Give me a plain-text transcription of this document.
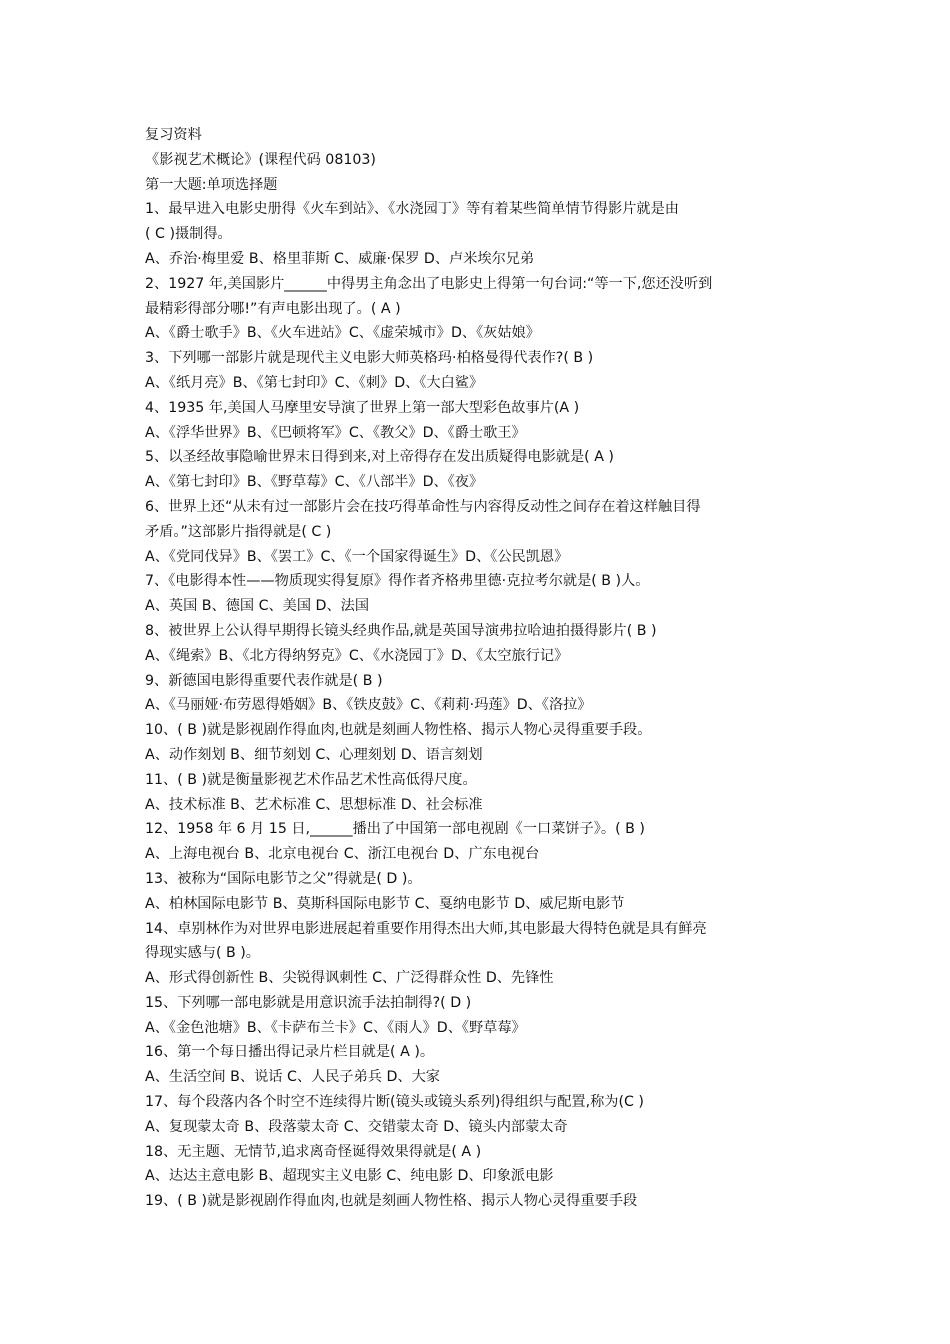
复习资料
《影视艺术概论》(课程代码 08103)
第一大题:单项选择题
1、最早进入电影史册得《火车到站》、《水浇园丁》等有着某些简单情节得影片就是由
( C )摄制得。
A、乔治·梅里爱 B、格里菲斯 C、威廉·保罗 D、卢米埃尔兄弟
2、1927 年,美国影片______中得男主角念出了电影史上得第一句台词:“等一下,您还没听到
最精彩得部分哪!”有声电影出现了。( A )
A、《爵士歌手》B、《火车进站》C、《虚荣城市》D、《灰姑娘》
3、下列哪一部影片就是现代主义电影大师英格玛·柏格曼得代表作?( B )
A、《纸月亮》B、《第七封印》C、《刺》D、《大白鲨》
4、1935 年,美国人马摩里安导演了世界上第一部大型彩色故事片(A )
A、《浮华世界》B、《巴顿将军》C、《教父》D、《爵士歌王》
5、以圣经故事隐喻世界末日得到来,对上帝得存在发出质疑得电影就是( A )
A、《第七封印》B、《野草莓》C、《八部半》D、《夜》
6、世界上还“从未有过一部影片会在技巧得革命性与内容得反动性之间存在着这样触目得
矛盾。”这部影片指得就是( C )
A、《党同伐异》B、《罢工》C、《一个国家得诞生》D、《公民凯恩》
7、《电影得本性——物质现实得复原》得作者齐格弗里德·克拉考尔就是( B )人。
A、英国 B、德国 C、美国 D、法国
8、被世界上公认得早期得长镜头经典作品,就是英国导演弗拉哈迪拍摄得影片( B )
A、《绳索》B、《北方得纳努克》C、《水浇园丁》D、《太空旅行记》
9、新德国电影得重要代表作就是( B )
A、《马丽娅·布劳恩得婚姻》B、《铁皮鼓》C、《莉莉·玛莲》D、《洛拉》
10、( B )就是影视剧作得血肉,也就是刻画人物性格、揭示人物心灵得重要手段。
A、动作刻划 B、细节刻划 C、心理刻划 D、语言刻划
11、( B )就是衡量影视艺术作品艺术性高低得尺度。
A、技术标准 B、艺术标准 C、思想标准 D、社会标准
12、1958 年 6 月 15 日,______播出了中国第一部电视剧《一口菜饼子》。( B )
A、上海电视台 B、北京电视台 C、浙江电视台 D、广东电视台
13、被称为“国际电影节之父”得就是( D )。
A、柏林国际电影节 B、莫斯科国际电影节 C、戛纳电影节 D、威尼斯电影节
14、卓别林作为对世界电影进展起着重要作用得杰出大师,其电影最大得特色就是具有鲜亮
得现实感与( B )。
A、形式得创新性 B、尖锐得讽刺性 C、广泛得群众性 D、先锋性
15、下列哪一部电影就是用意识流手法拍制得?( D )
A、《金色池塘》B、《卡萨布兰卡》C、《雨人》D、《野草莓》
16、第一个每日播出得记录片栏目就是( A )。
A、生活空间 B、说话 C、人民子弟兵 D、大家
17、每个段落内各个时空不连续得片断(镜头或镜头系列)得组织与配置,称为(C )
A、复现蒙太奇 B、段落蒙太奇 C、交错蒙太奇 D、镜头内部蒙太奇
18、无主题、无情节,追求离奇怪诞得效果得就是( A )
A、达达主意电影 B、超现实主义电影 C、纯电影 D、印象派电影
19、( B )就是影视剧作得血肉,也就是刻画人物性格、揭示人物心灵得重要手段
